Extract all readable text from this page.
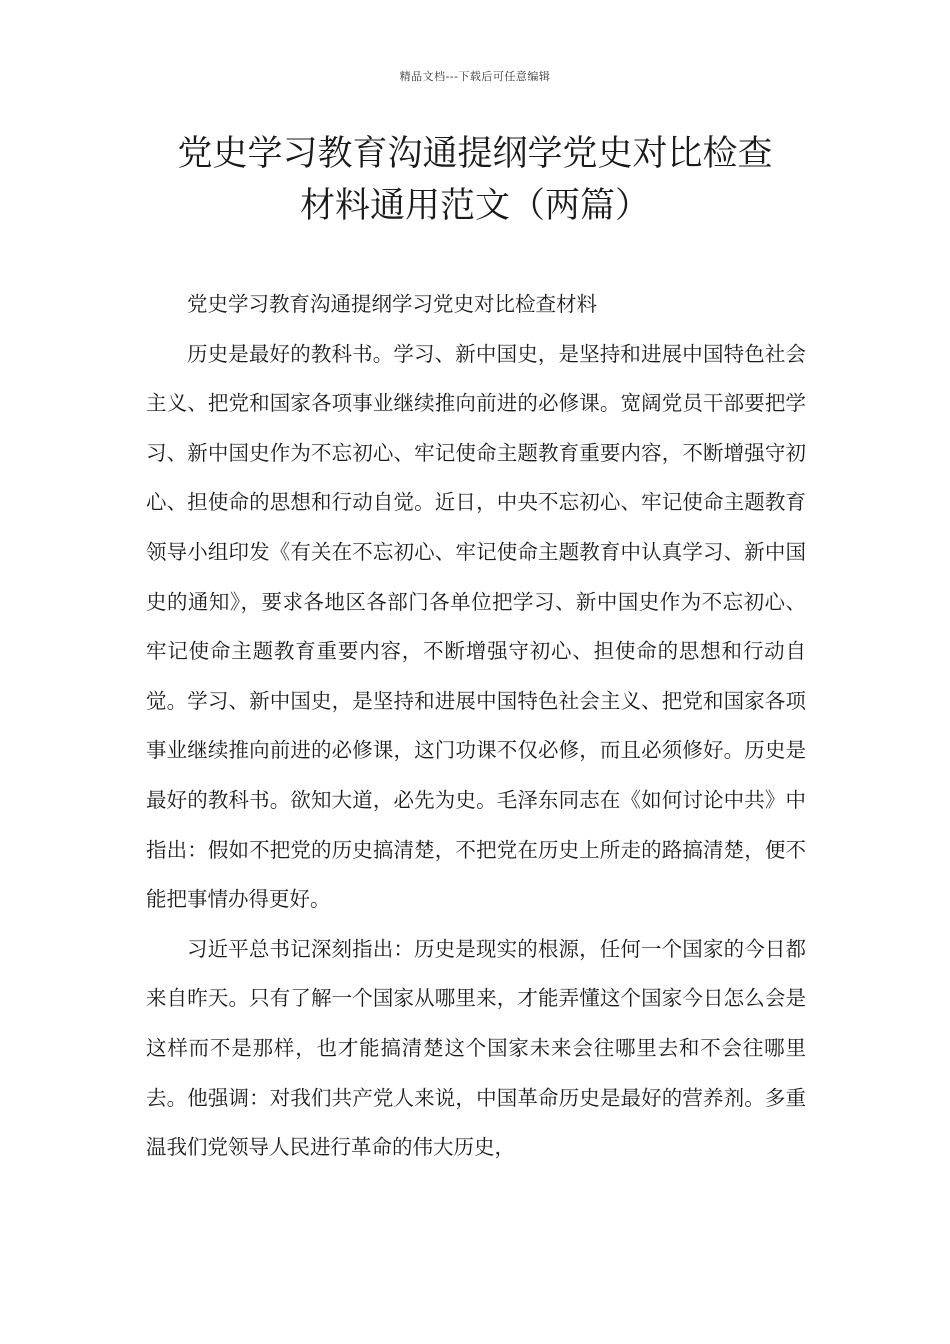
精品文档---下载后可任意编辑
党史学习教育沟通提纲学党史对比检查
材料通用范文（两篇）

党史学习教育沟通提纲学习党史对比检查材料

历史是最好的教科书。学习、新中国史，是坚持和进展中国特色社会主义、把党和国家各项事业继续推向前进的必修课。宽阔党员干部要把学习、新中国史作为不忘初心、牢记使命主题教育重要内容，不断增强守初心、担使命的思想和行动自觉。近日，中央不忘初心、牢记使命主题教育领导小组印发《有关在不忘初心、牢记使命主题教育中认真学习、新中国史的通知》，要求各地区各部门各单位把学习、新中国史作为不忘初心、牢记使命主题教育重要内容，不断增强守初心、担使命的思想和行动自觉。学习、新中国史，是坚持和进展中国特色社会主义、把党和国家各项事业继续推向前进的必修课，这门功课不仅必修，而且必须修好。历史是最好的教科书。欲知大道，必先为史。毛泽东同志在《如何讨论中共》中指出：假如不把党的历史搞清楚，不把党在历史上所走的路搞清楚，便不能把事情办得更好。

习近平总书记深刻指出：历史是现实的根源，任何一个国家的今日都来自昨天。只有了解一个国家从哪里来，才能弄懂这个国家今日怎么会是这样而不是那样，也才能搞清楚这个国家未来会往哪里去和不会往哪里去。他强调：对我们共产党人来说，中国革命历史是最好的营养剂。多重温我们党领导人民进行革命的伟大历史，
